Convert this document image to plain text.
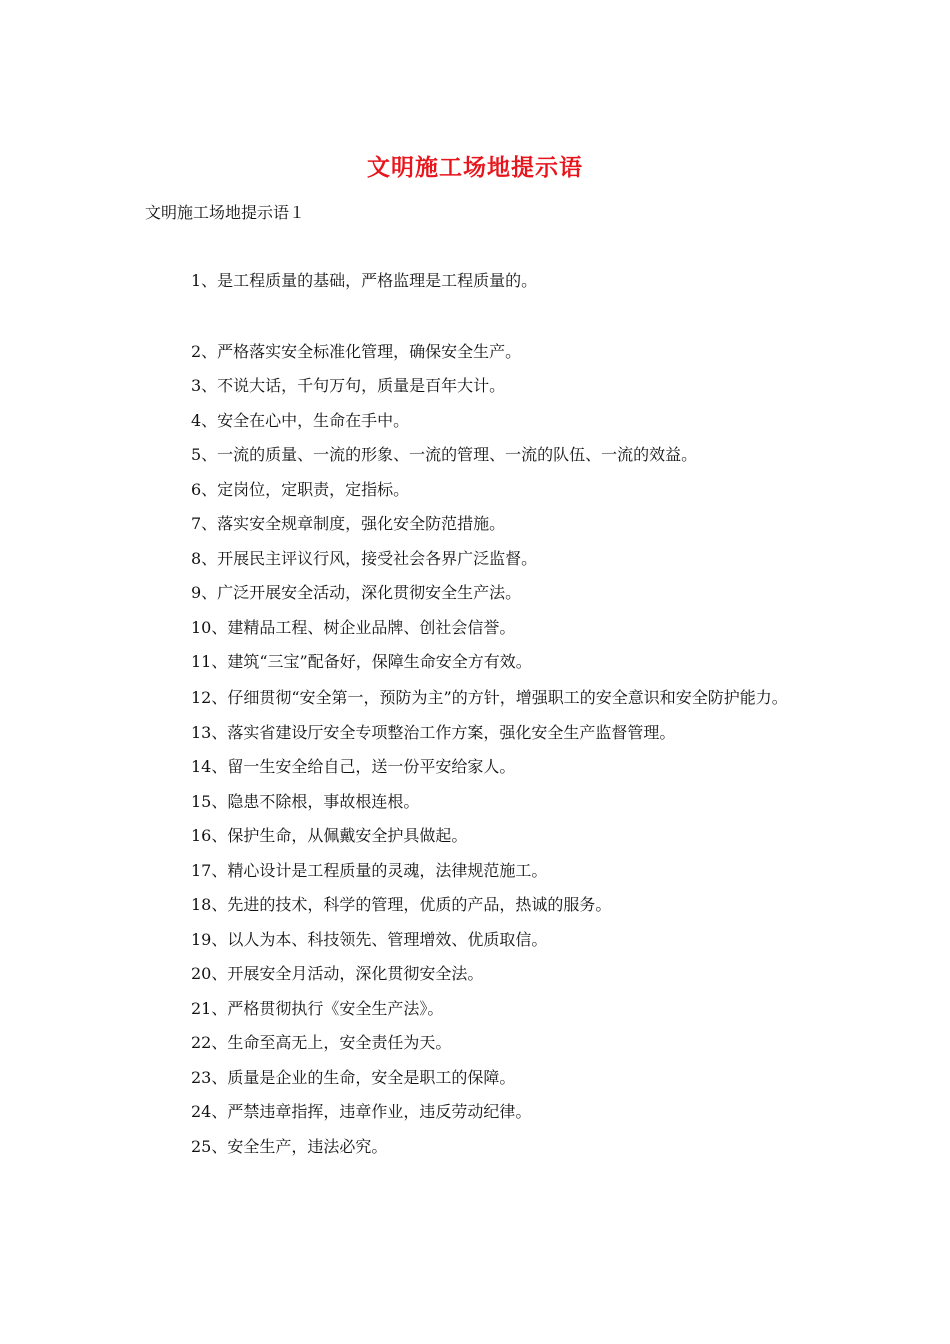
文明施工场地提示语
文明施工场地提示语１
1、是工程质量的基础，严格监理是工程质量的。
2、严格落实安全标准化管理，确保安全生产。
3、不说大话，千句万句，质量是百年大计。
4、安全在心中，生命在手中。
5、一流的质量、一流的形象、一流的管理、一流的队伍、一流的效益。
6、定岗位，定职责，定指标。
7、落实安全规章制度，强化安全防范措施。
8、开展民主评议行风，接受社会各界广泛监督。
9、广泛开展安全活动，深化贯彻安全生产法。
10、建精品工程、树企业品牌、创社会信誉。
11、建筑“三宝”配备好，保障生命安全方有效。
12、仔细贯彻“安全第一，预防为主”的方针，增强职工的安全意识和安全防护能力。
13、落实省建设厅安全专项整治工作方案，强化安全生产监督管理。
14、留一生安全给自己，送一份平安给家人。
15、隐患不除根，事故根连根。
16、保护生命，从佩戴安全护具做起。
17、精心设计是工程质量的灵魂，法律规范施工。
18、先进的技术，科学的管理，优质的产品，热诚的服务。
19、以人为本、科技领先、管理增效、优质取信。
20、开展安全月活动，深化贯彻安全法。
21、严格贯彻执行《安全生产法》。
22、生命至高无上，安全责任为天。
23、质量是企业的生命，安全是职工的保障。
24、严禁违章指挥，违章作业，违反劳动纪律。
25、安全生产，违法必究。
